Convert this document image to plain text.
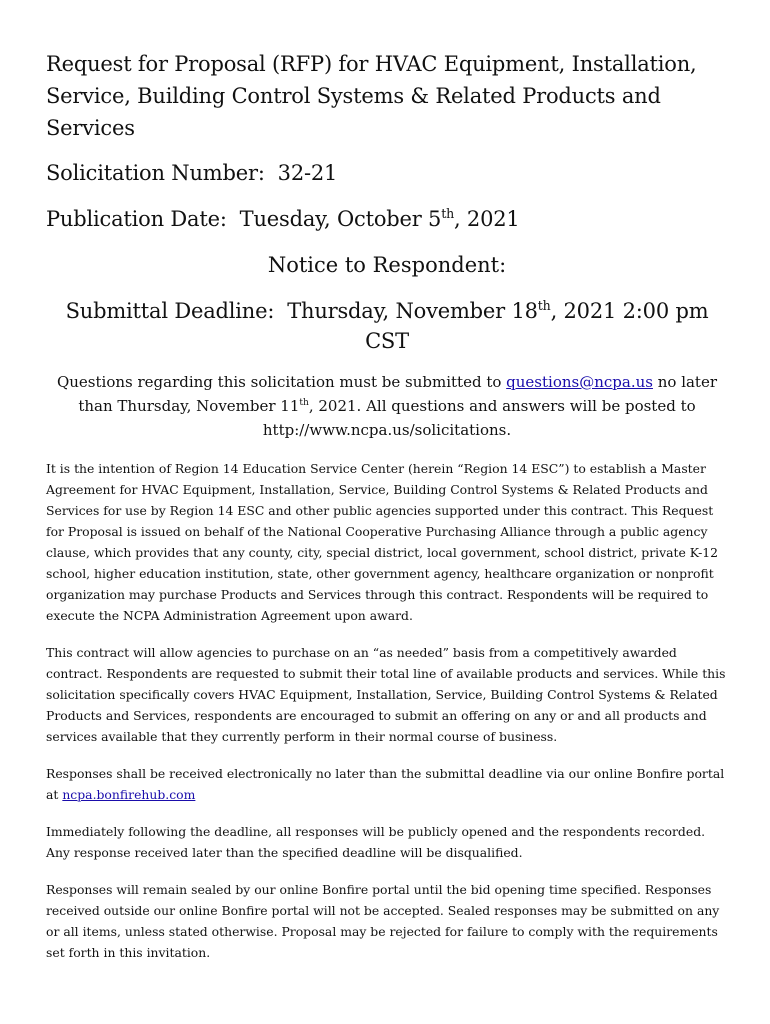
Request for Proposal (RFP) for HVAC Equipment, Installation,
Service, Building Control Systems & Related Products and Services

Solicitation Number: 32-21

Publication Date: Tuesday, October 5th, 2021

Notice to Respondent:

Submittal Deadline: Thursday, November 18th, 2021 2:00 pm CST

Questions regarding this solicitation must be submitted to questions@ncpa.us no later
than Thursday, November 11th, 2021. All questions and answers will be posted to
http://www.ncpa.us/solicitations.

It is the intention of Region 14 Education Service Center (herein “Region 14 ESC”) to establish a Master Agreement for HVAC Equipment, Installation, Service, Building Control Systems & Related Products and Services for use by Region 14 ESC and other public agencies supported under this contract. This Request for Proposal is issued on behalf of the National Cooperative Purchasing Alliance through a public agency clause, which provides that any county, city, special district, local government, school district, private K-12 school, higher education institution, state, other government agency, healthcare organization or nonprofit organization may purchase Products and Services through this contract. Respondents will be required to execute the NCPA Administration Agreement upon award.

This contract will allow agencies to purchase on an “as needed” basis from a competitively awarded contract. Respondents are requested to submit their total line of available products and services. While this solicitation specifically covers HVAC Equipment, Installation, Service, Building Control Systems & Related Products and Services, respondents are encouraged to submit an offering on any or and all products and services available that they currently perform in their normal course of business.

Responses shall be received electronically no later than the submittal deadline via our online Bonfire portal at ncpa.bonfirehub.com

Immediately following the deadline, all responses will be publicly opened and the respondents recorded. Any response received later than the specified deadline will be disqualified.

Responses will remain sealed by our online Bonfire portal until the bid opening time specified. Responses received outside our online Bonfire portal will not be accepted. Sealed responses may be submitted on any or all items, unless stated otherwise. Proposal may be rejected for failure to comply with the requirements set forth in this invitation.
